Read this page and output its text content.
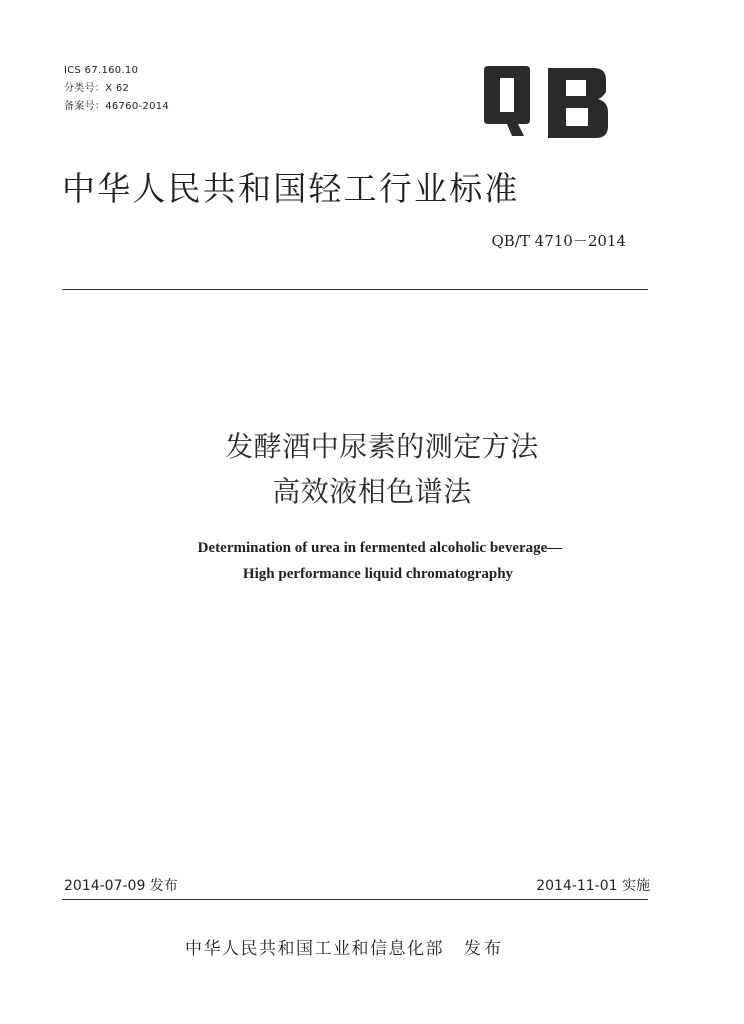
ICS 67.160.10
分类号：X 62
备案号：46760-2014
中华人民共和国轻工行业标准
QB/T 4710－2014
发酵酒中尿素的测定方法
高效液相色谱法
Determination of urea in fermented alcoholic beverage—
High performance liquid chromatography
2014-07-09 发布	2014-11-01 实施
中华人民共和国工业和信息化部 发布
